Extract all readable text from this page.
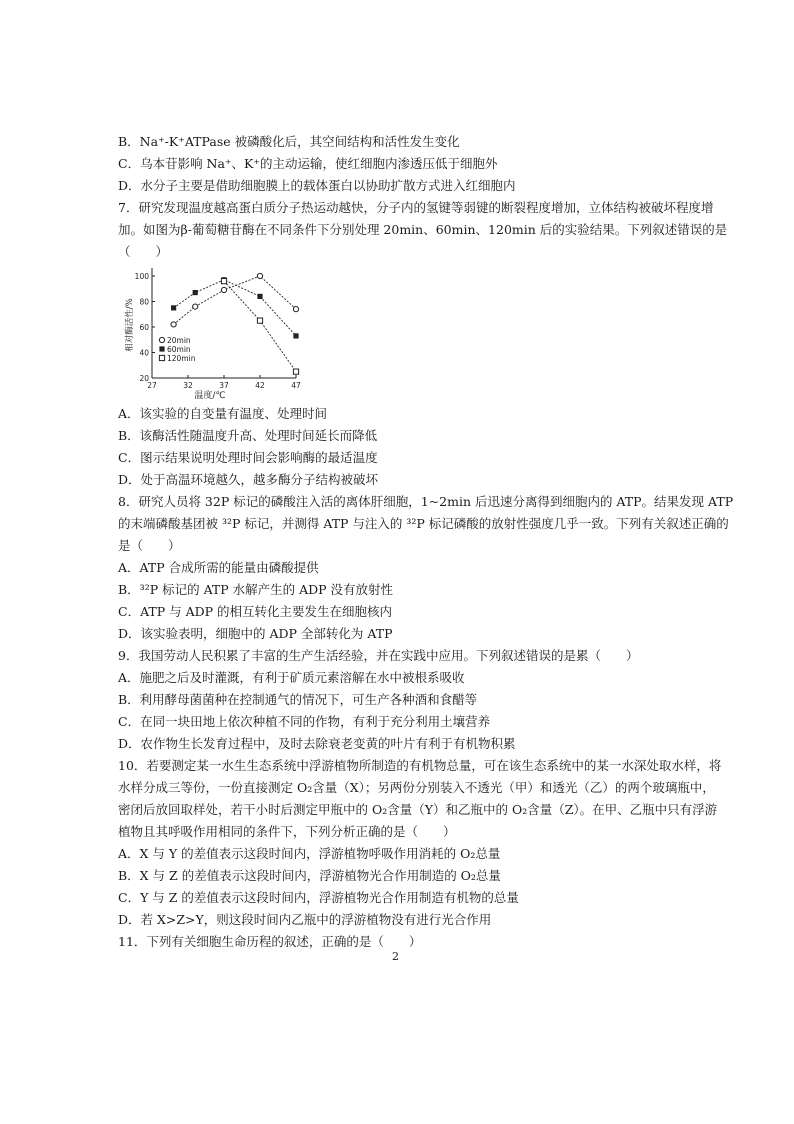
B．Na⁺-K⁺ATPase 被磷酸化后，其空间结构和活性发生变化
C．乌本苷影响 Na⁺、K⁺的主动运输，使红细胞内渗透压低于细胞外
D．水分子主要是借助细胞膜上的载体蛋白以协助扩散方式进入红细胞内
7．研究发现温度越高蛋白质分子热运动越快，分子内的氢键等弱键的断裂程度增加，立体结构被破坏程度增
加。如图为β-葡萄糖苷酶在不同条件下分别处理 20min、60min、120min 后的实验结果。下列叙述错误的是
（　　）
27	32	37	42	47
20
40
60
80
100
温度/℃
相对酶活性/%	20min
60min
120min
A．该实验的自变量有温度、处理时间
B．该酶活性随温度升高、处理时间延长而降低
C．图示结果说明处理时间会影响酶的最适温度
D．处于高温环境越久，越多酶分子结构被破坏
8．研究人员将 32P 标记的磷酸注入活的离体肝细胞，1~2min 后迅速分离得到细胞内的 ATP。结果发现 ATP
的末端磷酸基团被 ³²P 标记，并测得 ATP 与注入的 ³²P 标记磷酸的放射性强度几乎一致。下列有关叙述正确的
是（　　）
A．ATP 合成所需的能量由磷酸提供
B．³²P 标记的 ATP 水解产生的 ADP 没有放射性
C．ATP 与 ADP 的相互转化主要发生在细胞核内
D．该实验表明，细胞中的 ADP 全部转化为 ATP
9．我国劳动人民积累了丰富的生产生活经验，并在实践中应用。下列叙述错误的是累（　　）
A．施肥之后及时灌溉，有利于矿质元素溶解在水中被根系吸收
B．利用酵母菌菌种在控制通气的情况下，可生产各种酒和食醋等
C．在同一块田地上依次种植不同的作物，有利于充分利用土壤营养
D．农作物生长发育过程中，及时去除衰老变黄的叶片有利于有机物积累
10．若要测定某一水生生态系统中浮游植物所制造的有机物总量，可在该生态系统中的某一水深处取水样，将
水样分成三等份，一份直接测定 O₂含量（X）；另两份分别装入不透光（甲）和透光（乙）的两个玻璃瓶中，
密闭后放回取样处，若干小时后测定甲瓶中的 O₂含量（Y）和乙瓶中的 O₂含量（Z）。在甲、乙瓶中只有浮游
植物且其呼吸作用相同的条件下，下列分析正确的是（　　）
A．X 与 Y 的差值表示这段时间内，浮游植物呼吸作用消耗的 O₂总量
B．X 与 Z 的差值表示这段时间内，浮游植物光合作用制造的 O₂总量
C．Y 与 Z 的差值表示这段时间内，浮游植物光合作用制造有机物的总量
D．若 X>Z>Y，则这段时间内乙瓶中的浮游植物没有进行光合作用
11．下列有关细胞生命历程的叙述，正确的是（　　）
2
